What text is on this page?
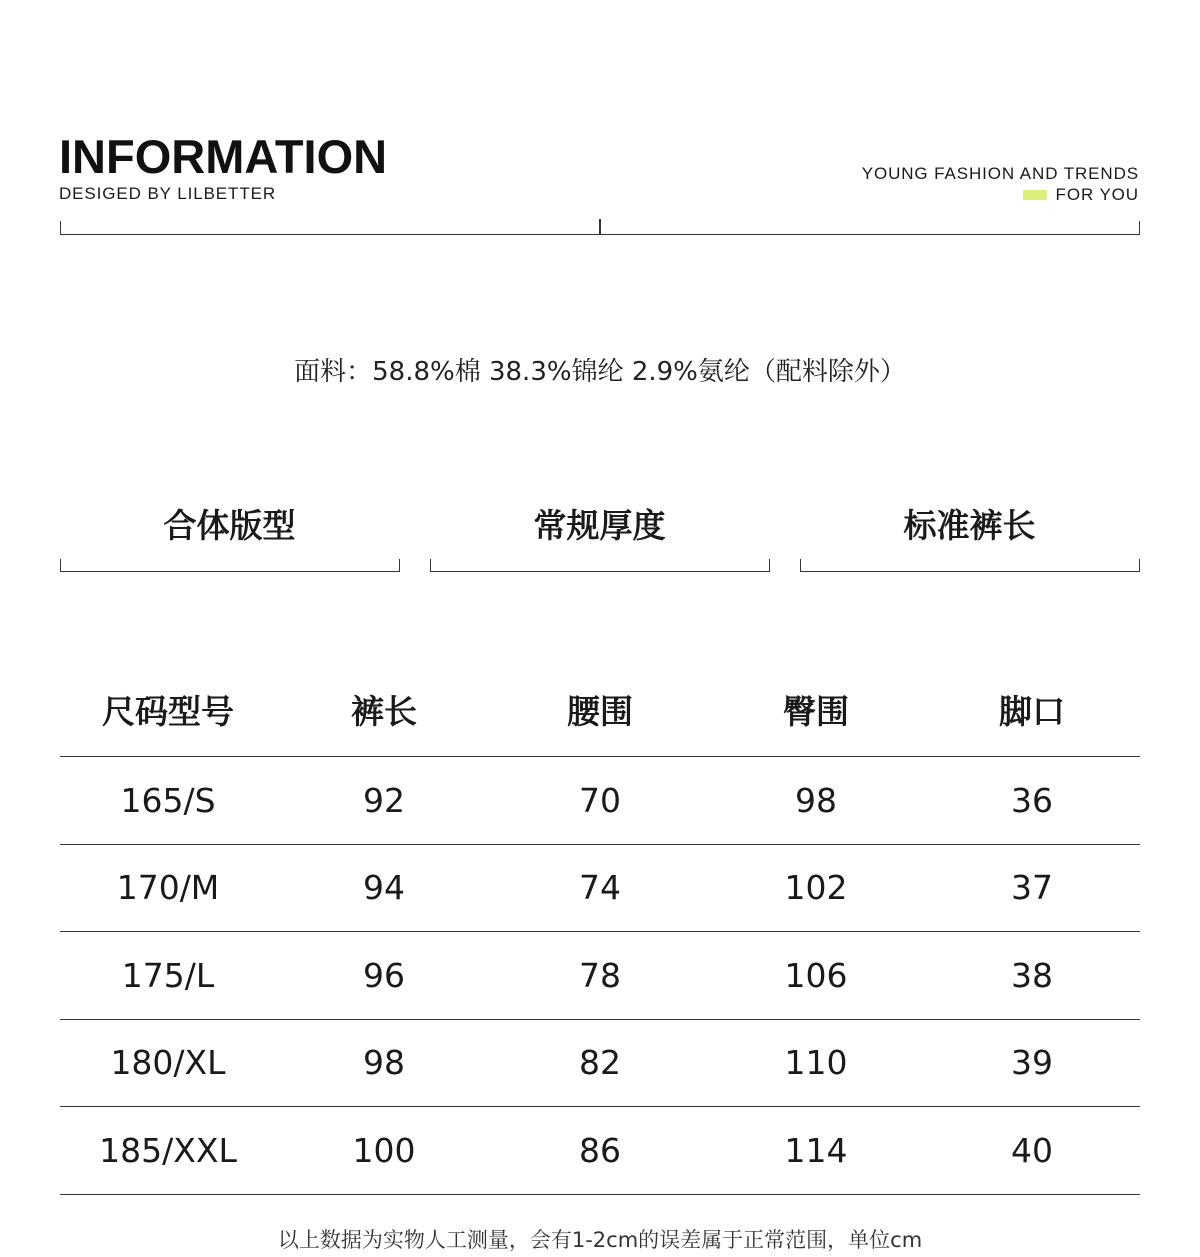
INFORMATION
DESIGED BY LILBETTER
YOUNG FASHION AND TRENDS
FOR YOU
面料：58.8%棉 38.3%锦纶 2.9%氨纶（配料除外）
合体版型	常规厚度	标准裤长
尺码型号	裤长	腰围	臀围	脚口
165/S	92	70	98	36
170/M	94	74	102	37
175/L	96	78	106	38
180/XL	98	82	110	39
185/XXL	100	86	114	40
以上数据为实物人工测量，会有1-2cm的误差属于正常范围，单位cm
